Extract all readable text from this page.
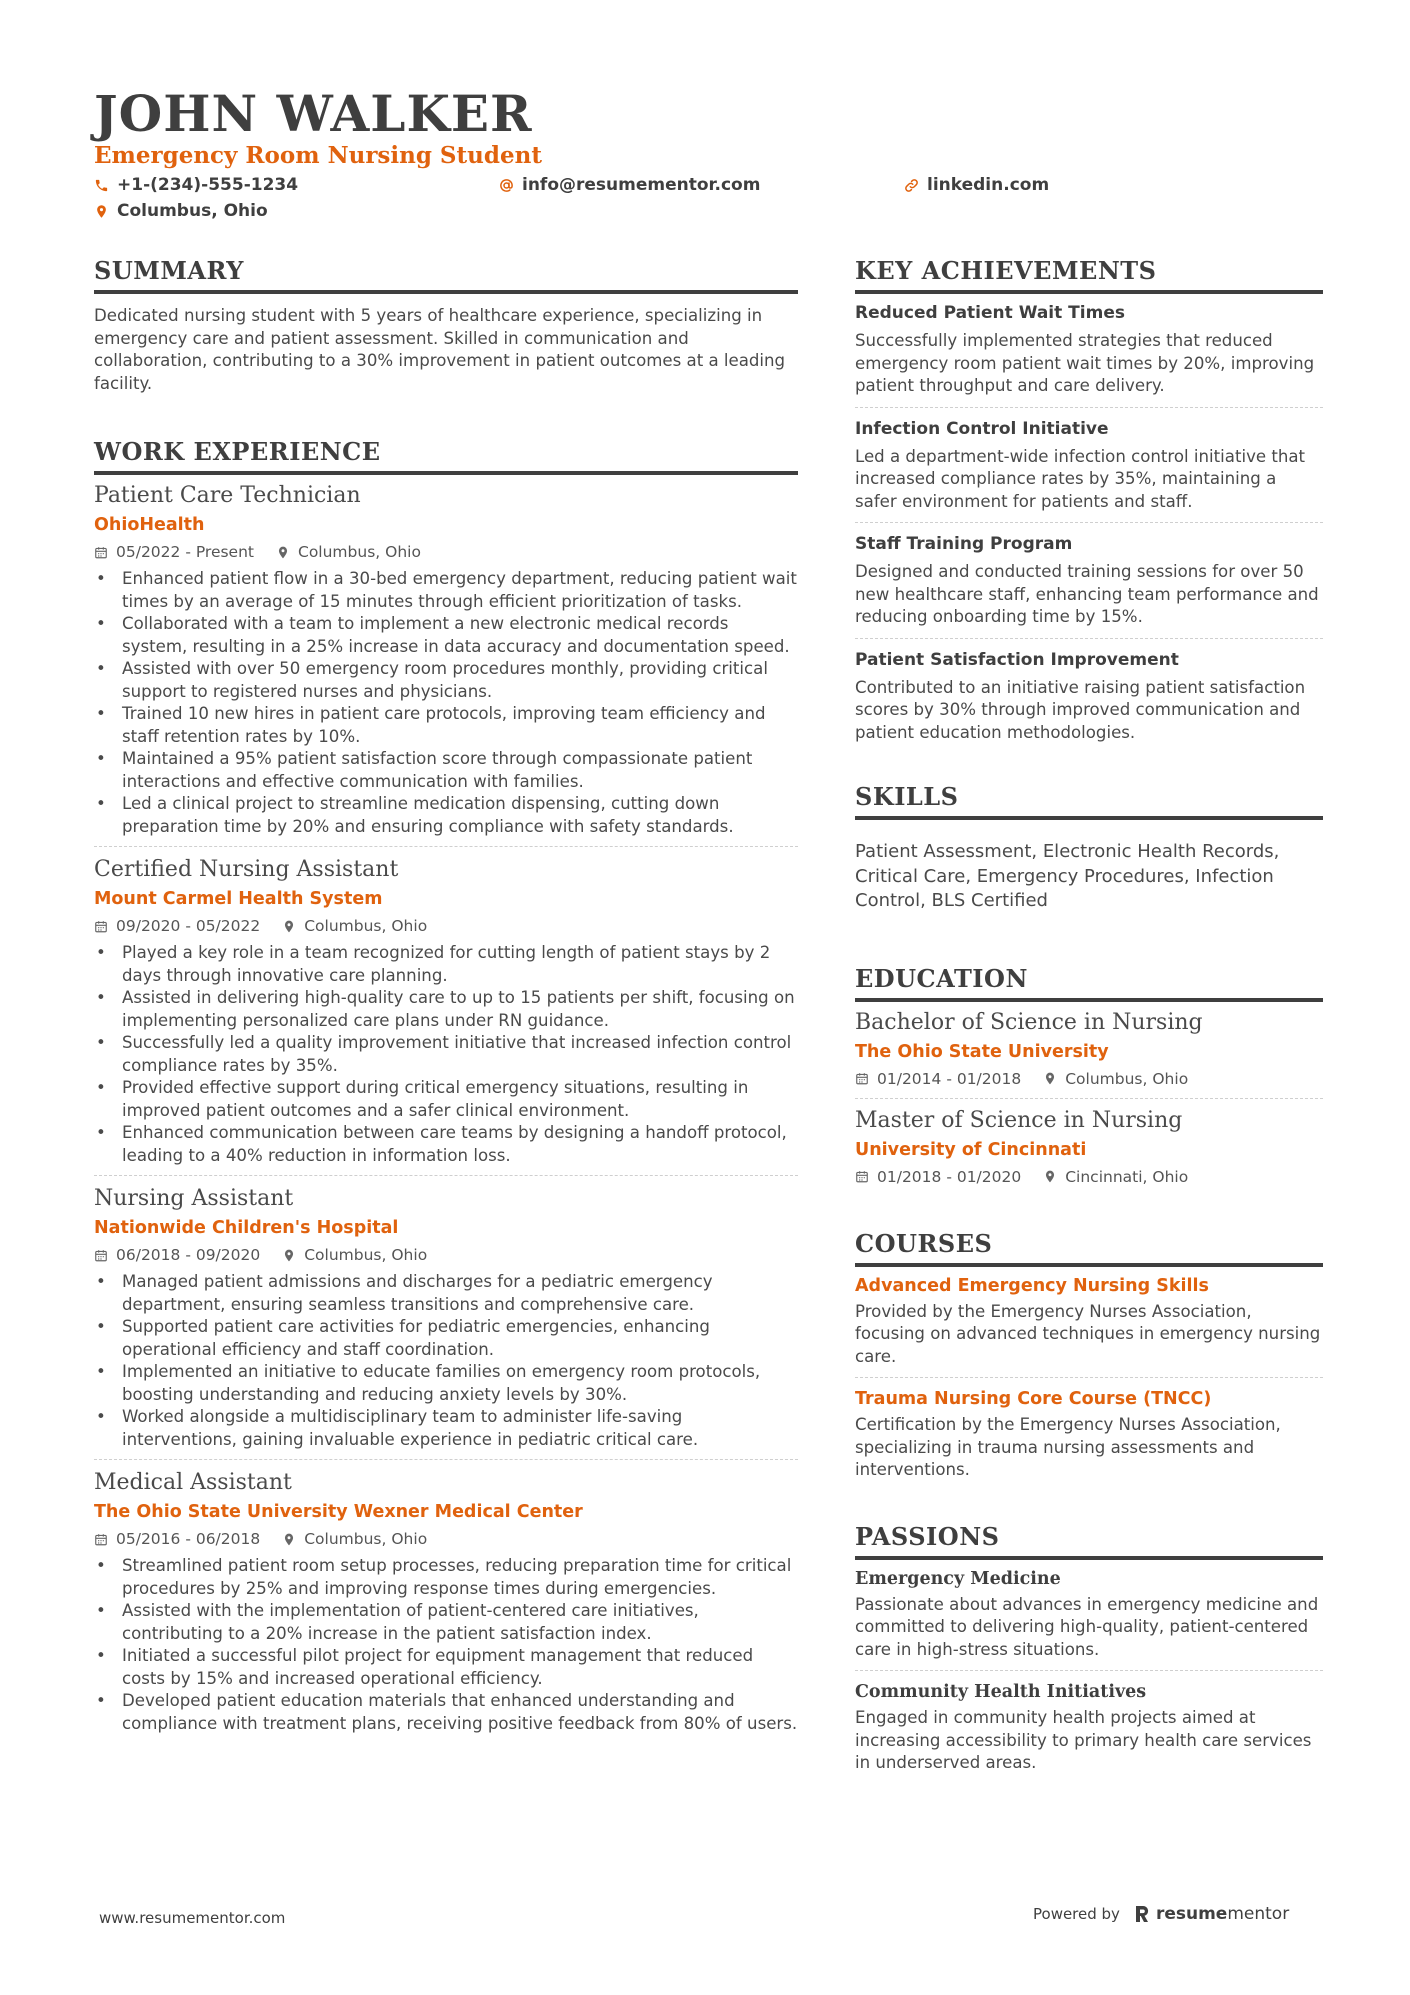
JOHN WALKER
Emergency Room Nursing Student
+1-(234)-555-1234	info@resumementor.com	linkedin.com
Columbus, Ohio
SUMMARY
Dedicated nursing student with 5 years of healthcare experience, specializing in emergency care and patient assessment. Skilled in communication and collaboration, contributing to a 30% improvement in patient outcomes at a leading facility.
WORK EXPERIENCE
Patient Care Technician
OhioHealth
05/2022 - Present	Columbus, Ohio
• Enhanced patient flow in a 30-bed emergency department, reducing patient wait times by an average of 15 minutes through efficient prioritization of tasks.
• Collaborated with a team to implement a new electronic medical records system, resulting in a 25% increase in data accuracy and documentation speed.
• Assisted with over 50 emergency room procedures monthly, providing critical support to registered nurses and physicians.
• Trained 10 new hires in patient care protocols, improving team efficiency and staff retention rates by 10%.
• Maintained a 95% patient satisfaction score through compassionate patient interactions and effective communication with families.
• Led a clinical project to streamline medication dispensing, cutting down preparation time by 20% and ensuring compliance with safety standards.
Certified Nursing Assistant
Mount Carmel Health System
09/2020 - 05/2022	Columbus, Ohio
• Played a key role in a team recognized for cutting length of patient stays by 2 days through innovative care planning.
• Assisted in delivering high-quality care to up to 15 patients per shift, focusing on implementing personalized care plans under RN guidance.
• Successfully led a quality improvement initiative that increased infection control compliance rates by 35%.
• Provided effective support during critical emergency situations, resulting in improved patient outcomes and a safer clinical environment.
• Enhanced communication between care teams by designing a handoff protocol, leading to a 40% reduction in information loss.
Nursing Assistant
Nationwide Children's Hospital
06/2018 - 09/2020	Columbus, Ohio
• Managed patient admissions and discharges for a pediatric emergency department, ensuring seamless transitions and comprehensive care.
• Supported patient care activities for pediatric emergencies, enhancing operational efficiency and staff coordination.
• Implemented an initiative to educate families on emergency room protocols, boosting understanding and reducing anxiety levels by 30%.
• Worked alongside a multidisciplinary team to administer life-saving interventions, gaining invaluable experience in pediatric critical care.
Medical Assistant
The Ohio State University Wexner Medical Center
05/2016 - 06/2018	Columbus, Ohio
• Streamlined patient room setup processes, reducing preparation time for critical procedures by 25% and improving response times during emergencies.
• Assisted with the implementation of patient-centered care initiatives, contributing to a 20% increase in the patient satisfaction index.
• Initiated a successful pilot project for equipment management that reduced costs by 15% and increased operational efficiency.
• Developed patient education materials that enhanced understanding and compliance with treatment plans, receiving positive feedback from 80% of users.
KEY ACHIEVEMENTS
Reduced Patient Wait Times
Successfully implemented strategies that reduced emergency room patient wait times by 20%, improving patient throughput and care delivery.
Infection Control Initiative
Led a department-wide infection control initiative that increased compliance rates by 35%, maintaining a safer environment for patients and staff.
Staff Training Program
Designed and conducted training sessions for over 50 new healthcare staff, enhancing team performance and reducing onboarding time by 15%.
Patient Satisfaction Improvement
Contributed to an initiative raising patient satisfaction scores by 30% through improved communication and patient education methodologies.
SKILLS
Patient Assessment, Electronic Health Records, Critical Care, Emergency Procedures, Infection Control, BLS Certified
EDUCATION
Bachelor of Science in Nursing
The Ohio State University
01/2014 - 01/2018	Columbus, Ohio
Master of Science in Nursing
University of Cincinnati
01/2018 - 01/2020	Cincinnati, Ohio
COURSES
Advanced Emergency Nursing Skills
Provided by the Emergency Nurses Association, focusing on advanced techniques in emergency nursing care.
Trauma Nursing Core Course (TNCC)
Certification by the Emergency Nurses Association, specializing in trauma nursing assessments and interventions.
PASSIONS
Emergency Medicine
Passionate about advances in emergency medicine and committed to delivering high-quality, patient-centered care in high-stress situations.
Community Health Initiatives
Engaged in community health projects aimed at increasing accessibility to primary health care services in underserved areas.
www.resumementor.com	Powered by resumementor
